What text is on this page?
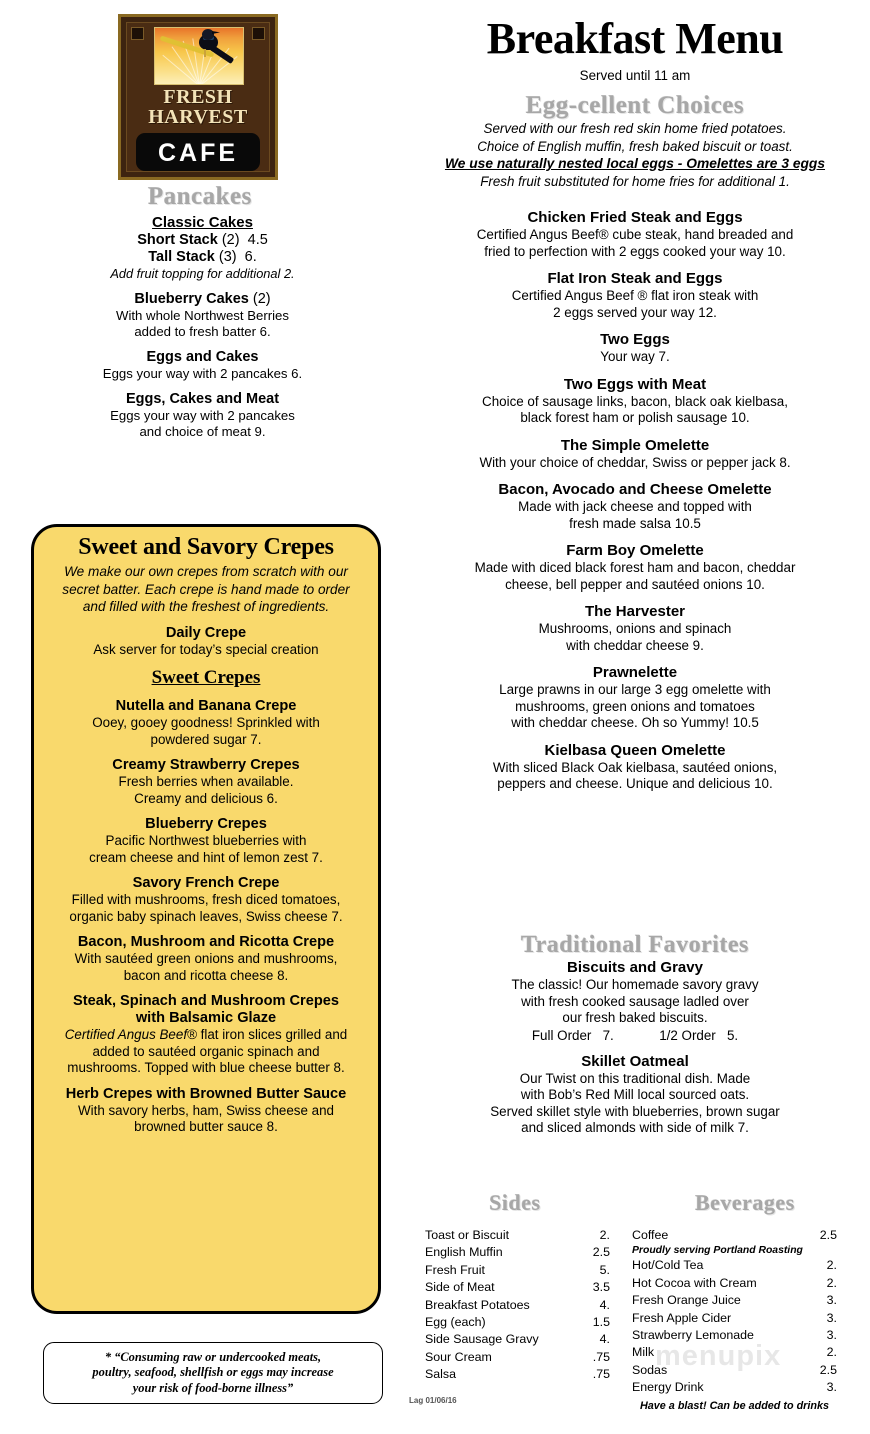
FRESH
HARVEST
CAFE
Pancakes
Classic Cakes
Short Stack (2) 4.5
Tall Stack (3) 6.
Add fruit topping for additional 2.
Blueberry Cakes (2)
With whole Northwest Berries
added to fresh batter 6.
Eggs and Cakes
Eggs your way with 2 pancakes 6.
Eggs, Cakes and Meat
Eggs your way with 2 pancakes
and choice of meat 9.
Sweet and Savory Crepes
We make our own crepes from scratch with our
secret batter. Each crepe is hand made to order
and filled with the freshest of ingredients.
Daily Crepe
Ask server for today’s special creation
Sweet Crepes
Nutella and Banana Crepe
Ooey, gooey goodness! Sprinkled with
powdered sugar 7.
Creamy Strawberry Crepes
Fresh berries when available.
Creamy and delicious 6.
Blueberry Crepes
Pacific Northwest blueberries with
cream cheese and hint of lemon zest 7.
Savory French Crepe
Filled with mushrooms, fresh diced tomatoes,
organic baby spinach leaves, Swiss cheese 7.
Bacon, Mushroom and Ricotta Crepe
With sautéed green onions and mushrooms,
bacon and ricotta cheese 8.
Steak, Spinach and Mushroom Crepes
with Balsamic Glaze
Certified Angus Beef® flat iron slices grilled and
added to sautéed organic spinach and
mushrooms. Topped with blue cheese butter 8.
Herb Crepes with Browned Butter Sauce
With savory herbs, ham, Swiss cheese and
browned butter sauce 8.

* “Consuming raw or undercooked meats,
poultry, seafood, shellfish or eggs may increase
your risk of food-borne illness”

Breakfast Menu
Served until 11 am
Egg-cellent Choices
Served with our fresh red skin home fried potatoes.
Choice of English muffin, fresh baked biscuit or toast.
We use naturally nested local eggs - Omelettes are 3 eggs
Fresh fruit substituted for home fries for additional 1.
Chicken Fried Steak and Eggs
Certified Angus Beef® cube steak, hand breaded and
fried to perfection with 2 eggs cooked your way 10.
Flat Iron Steak and Eggs
Certified Angus Beef ® flat iron steak with
2 eggs served your way 12.
Two Eggs
Your way 7.
Two Eggs with Meat
Choice of sausage links, bacon, black oak kielbasa,
black forest ham or polish sausage 10.
The Simple Omelette
With your choice of cheddar, Swiss or pepper jack 8.
Bacon, Avocado and Cheese Omelette
Made with jack cheese and topped with
fresh made salsa 10.5
Farm Boy Omelette
Made with diced black forest ham and bacon, cheddar
cheese, bell pepper and sautéed onions 10.
The Harvester
Mushrooms, onions and spinach
with cheddar cheese 9.
Prawnelette
Large prawns in our large 3 egg omelette with
mushrooms, green onions and tomatoes
with cheddar cheese. Oh so Yummy! 10.5
Kielbasa Queen Omelette
With sliced Black Oak kielbasa, sautéed onions,
peppers and cheese. Unique and delicious 10.
Traditional Favorites
Biscuits and Gravy
The classic! Our homemade savory gravy
with fresh cooked sausage ladled over
our fresh baked biscuits.
Full Order 7.	1/2 Order 5.
Skillet Oatmeal
Our Twist on this traditional dish. Made
with Bob’s Red Mill local sourced oats.
Served skillet style with blueberries, brown sugar
and sliced almonds with side of milk 7.
Sides	Beverages
Toast or Biscuit	2.
English Muffin	2.5
Fresh Fruit	5.
Side of Meat	3.5
Breakfast Potatoes	4.
Egg (each)	1.5
Side Sausage Gravy	4.
Sour Cream	.75
Salsa	.75
Coffee	2.5
Proudly serving Portland Roasting
Hot/Cold Tea	2.
Hot Cocoa with Cream	2.
Fresh Orange Juice	3.
Fresh Apple Cider	3.
Strawberry Lemonade	3.
Milk	2.
Sodas	2.5
Energy Drink	3.
Have a blast! Can be added to drinks
Lag 01/06/16
menupix
